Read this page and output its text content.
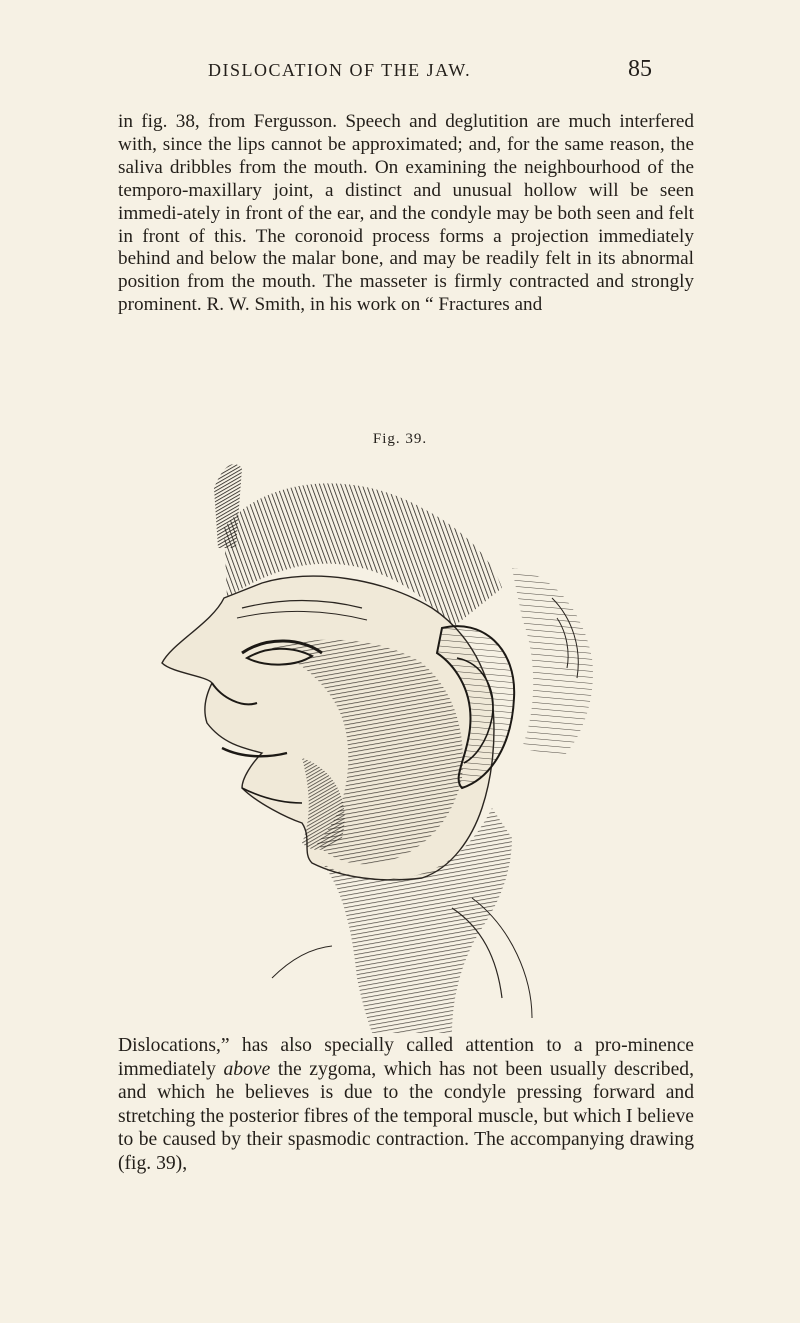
DISLOCATION OF THE JAW.	85

in fig. 38, from Fergusson. Speech and deglutition are much interfered with, since the lips cannot be approximated; and, for the same reason, the saliva dribbles from the mouth. On examining the neighbourhood of the temporo-maxillary joint, a distinct and unusual hollow will be seen immedi-ately in front of the ear, and the condyle may be both seen and felt in front of this. The coronoid process forms a projection immediately behind and below the malar bone, and may be readily felt in its abnormal position from the mouth. The masseter is firmly contracted and strongly prominent. R. W. Smith, in his work on “ Fractures and

Fig. 39.

Dislocations,” has also specially called attention to a pro-minence immediately above the zygoma, which has not been usually described, and which he believes is due to the condyle pressing forward and stretching the posterior fibres of the temporal muscle, but which I believe to be caused by their spasmodic contraction. The accompanying drawing (fig. 39),
